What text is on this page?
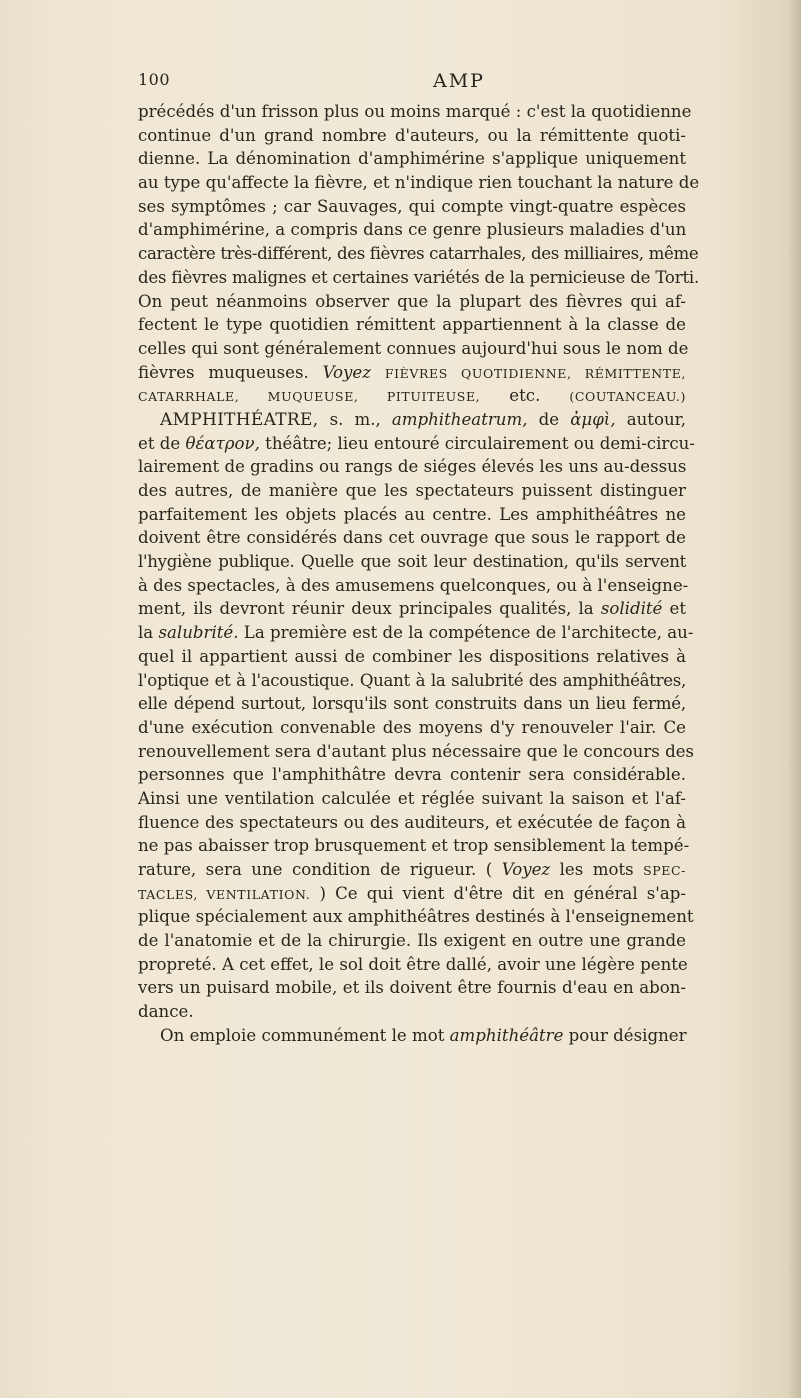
100	AMP
précédés d'un frisson plus ou moins marqué : c'est la quotidienne
continue d'un grand nombre d'auteurs, ou la rémittente quoti-
dienne. La dénomination d'amphimérine s'applique uniquement
au type qu'affecte la fièvre, et n'indique rien touchant la nature de
ses symptômes ; car Sauvages, qui compte vingt-quatre espèces
d'amphimérine, a compris dans ce genre plusieurs maladies d'un
caractère très-différent, des fièvres catarrhales, des milliaires, même
des fièvres malignes et certaines variétés de la pernicieuse de Torti.
On peut néanmoins observer que la plupart des fièvres qui af-
fectent le type quotidien rémittent appartiennent à la classe de
celles qui sont généralement connues aujourd'hui sous le nom de
fièvres muqueuses. Voyez FIÈVRES QUOTIDIENNE, RÉMITTENTE,
CATARRHALE, MUQUEUSE, PITUITEUSE, etc. (COUTANCEAU.)
AMPHITHÉATRE, s. m., amphitheatrum, de ἀμφὶ, autour,
et de θέατρον, théâtre; lieu entouré circulairement ou demi-circu-
lairement de gradins ou rangs de siéges élevés les uns au-dessus
des autres, de manière que les spectateurs puissent distinguer
parfaitement les objets placés au centre. Les amphithéâtres ne
doivent être considérés dans cet ouvrage que sous le rapport de
l'hygiène publique. Quelle que soit leur destination, qu'ils servent
à des spectacles, à des amusemens quelconques, ou à l'enseigne-
ment, ils devront réunir deux principales qualités, la solidité et
la salubrité. La première est de la compétence de l'architecte, au-
quel il appartient aussi de combiner les dispositions relatives à
l'optique et à l'acoustique. Quant à la salubrité des amphithéâtres,
elle dépend surtout, lorsqu'ils sont construits dans un lieu fermé,
d'une exécution convenable des moyens d'y renouveler l'air. Ce
renouvellement sera d'autant plus nécessaire que le concours des
personnes que l'amphithâtre devra contenir sera considérable.
Ainsi une ventilation calculée et réglée suivant la saison et l'af-
fluence des spectateurs ou des auditeurs, et exécutée de façon à
ne pas abaisser trop brusquement et trop sensiblement la tempé-
rature, sera une condition de rigueur. ( Voyez les mots SPEC-
TACLES, VENTILATION. ) Ce qui vient d'être dit en général s'ap-
plique spécialement aux amphithéâtres destinés à l'enseignement
de l'anatomie et de la chirurgie. Ils exigent en outre une grande
propreté. A cet effet, le sol doit être dallé, avoir une légère pente
vers un puisard mobile, et ils doivent être fournis d'eau en abon-
dance.
On emploie communément le mot amphithéâtre pour désigner
